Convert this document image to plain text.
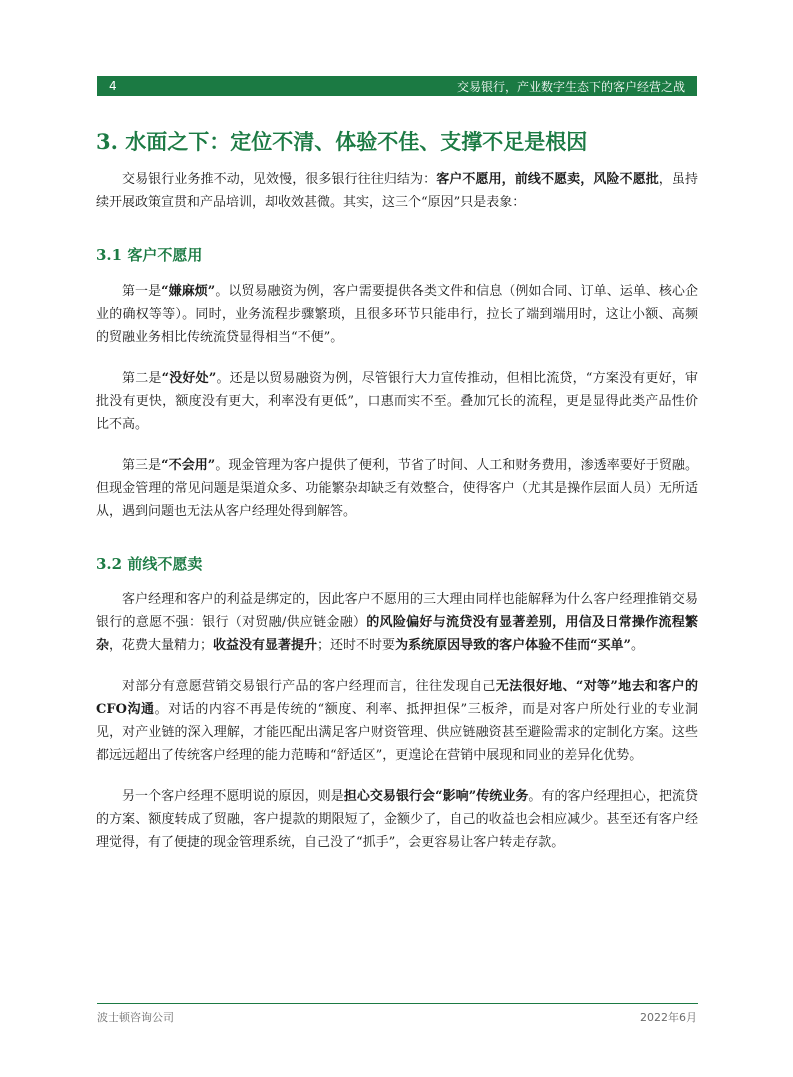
4	交易银行，产业数字生态下的客户经营之战
3. 水面之下：定位不清、体验不佳、支撑不足是根因

交易银行业务推不动，见效慢，很多银行往往归结为：客户不愿用，前线不愿卖，风险不愿批，虽持续开展政策宣贯和产品培训，却收效甚微。其实，这三个“原因”只是表象：

3.1 客户不愿用

第一是“嫌麻烦”。以贸易融资为例，客户需要提供各类文件和信息（例如合同、订单、运单、核心企业的确权等等）。同时，业务流程步骤繁琐，且很多环节只能串行，拉长了端到端用时，这让小额、高频的贸融业务相比传统流贷显得相当“不便”。

第二是“没好处”。还是以贸易融资为例，尽管银行大力宣传推动，但相比流贷，“方案没有更好，审批没有更快，额度没有更大，利率没有更低”，口惠而实不至。叠加冗长的流程，更是显得此类产品性价比不高。

第三是“不会用”。现金管理为客户提供了便利，节省了时间、人工和财务费用，渗透率要好于贸融。但现金管理的常见问题是渠道众多、功能繁杂却缺乏有效整合，使得客户（尤其是操作层面人员）无所适从，遇到问题也无法从客户经理处得到解答。

3.2 前线不愿卖

客户经理和客户的利益是绑定的，因此客户不愿用的三大理由同样也能解释为什么客户经理推销交易银行的意愿不强：银行（对贸融/供应链金融）的风险偏好与流贷没有显著差别，用信及日常操作流程繁杂，花费大量精力；收益没有显著提升；还时不时要为系统原因导致的客户体验不佳而“买单”。

对部分有意愿营销交易银行产品的客户经理而言，往往发现自己无法很好地、“对等”地去和客户的CFO沟通。对话的内容不再是传统的“额度、利率、抵押担保”三板斧，而是对客户所处行业的专业洞见，对产业链的深入理解，才能匹配出满足客户财资管理、供应链融资甚至避险需求的定制化方案。这些都远远超出了传统客户经理的能力范畴和“舒适区”，更遑论在营销中展现和同业的差异化优势。

另一个客户经理不愿明说的原因，则是担心交易银行会“影响”传统业务。有的客户经理担心，把流贷的方案、额度转成了贸融，客户提款的期限短了，金额少了，自己的收益也会相应减少。甚至还有客户经理觉得，有了便捷的现金管理系统，自己没了“抓手”，会更容易让客户转走存款。

波士顿咨询公司	2022年6月
